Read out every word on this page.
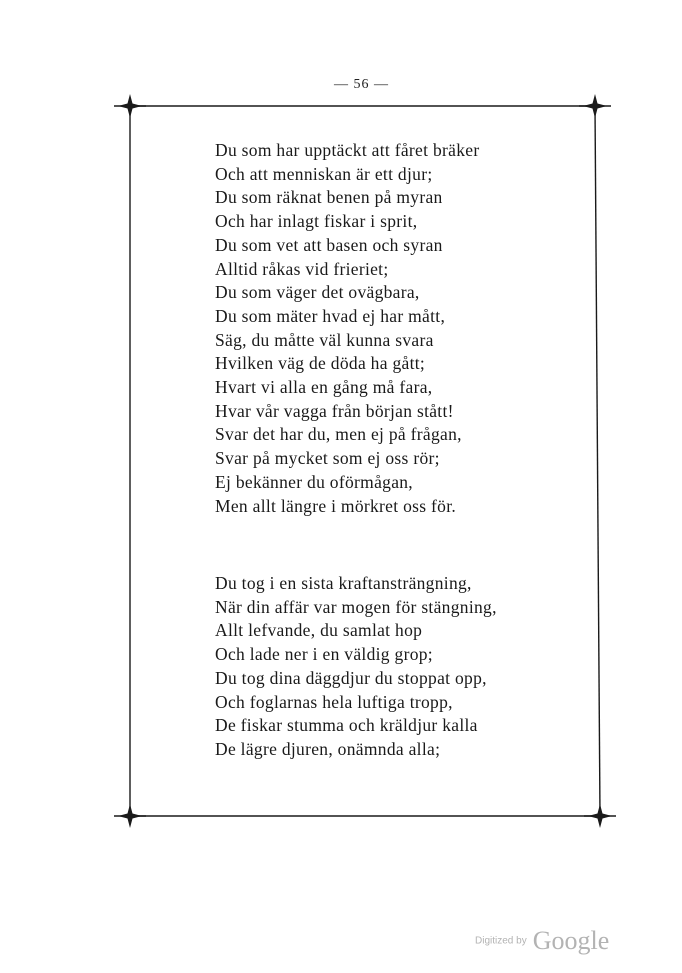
— 56 —
Du som har upptäckt att fåret bräker
Och att menniskan är ett djur;
Du som räknat benen på myran
Och har inlagt fiskar i sprit,
Du som vet att basen och syran
Alltid råkas vid frieriet;
Du som väger det ovägbara,
Du som mäter hvad ej har mått,
Säg, du måtte väl kunna svara
Hvilken väg de döda ha gått;
Hvart vi alla en gång må fara,
Hvar vår vagga från början stått!
Svar det har du, men ej på frågan,
Svar på mycket som ej oss rör;
Ej bekänner du oförmågan,
Men allt längre i mörkret oss för.
Du tog i en sista kraftansträngning,
När din affär var mogen för stängning,
Allt lefvande, du samlat hop
Och lade ner i en väldig grop;
Du tog dina däggdjur du stoppat opp,
Och foglarnas hela luftiga tropp,
De fiskar stumma och kräldjur kalla
De lägre djuren, onämnda alla;
Digitized by Google
